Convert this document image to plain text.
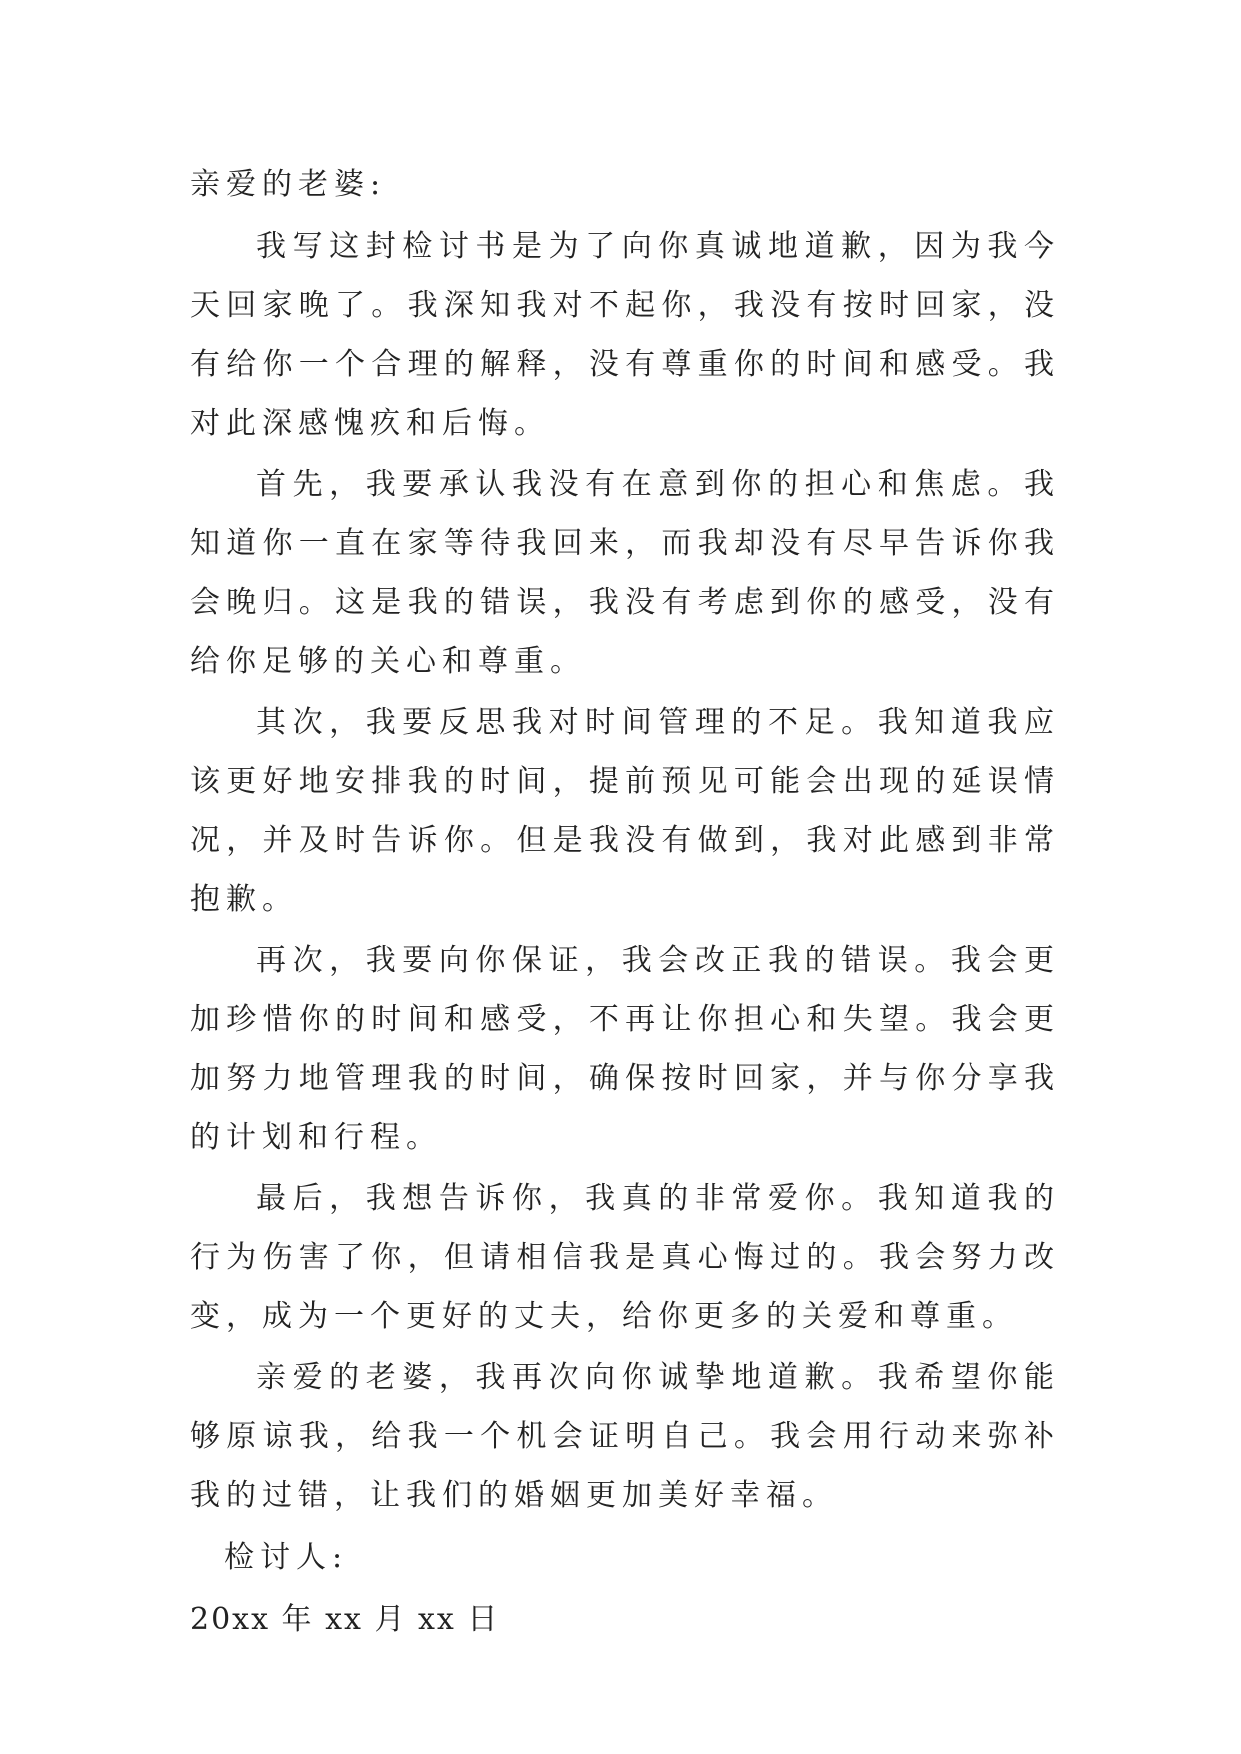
亲爱的老婆:

我写这封检讨书是为了向你真诚地道歉，因为我今天回家晚了。我深知我对不起你，我没有按时回家，没有给你一个合理的解释，没有尊重你的时间和感受。我对此深感愧疚和后悔。

首先，我要承认我没有在意到你的担心和焦虑。我知道你一直在家等待我回来，而我却没有尽早告诉你我会晚归。这是我的错误，我没有考虑到你的感受，没有给你足够的关心和尊重。

其次，我要反思我对时间管理的不足。我知道我应该更好地安排我的时间，提前预见可能会出现的延误情况，并及时告诉你。但是我没有做到，我对此感到非常抱歉。

再次，我要向你保证，我会改正我的错误。我会更加珍惜你的时间和感受，不再让你担心和失望。我会更加努力地管理我的时间，确保按时回家，并与你分享我的计划和行程。

最后，我想告诉你，我真的非常爱你。我知道我的行为伤害了你，但请相信我是真心悔过的。我会努力改变，成为一个更好的丈夫，给你更多的关爱和尊重。

亲爱的老婆，我再次向你诚挚地道歉。我希望你能够原谅我，给我一个机会证明自己。我会用行动来弥补我的过错，让我们的婚姻更加美好幸福。

检讨人:

20xx 年 xx 月 xx 日
